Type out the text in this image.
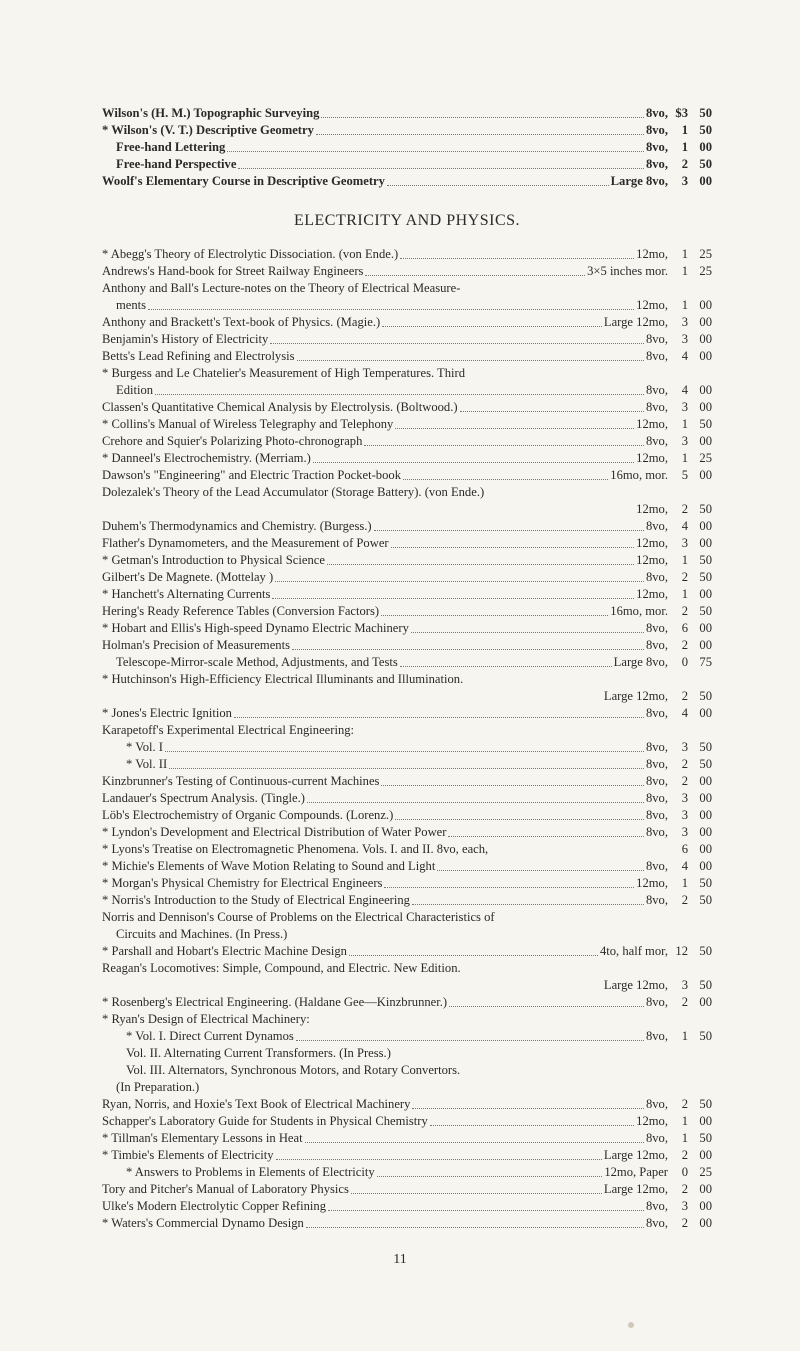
Wilson's (H. M.) Topographic Surveying	8vo, $3 50
* Wilson's (V. T.) Descriptive Geometry	8vo,	1 50
Free-hand Lettering	8vo,	1 00
Free-hand Perspective	8vo,	2 50
Woolf's Elementary Course in Descriptive Geometry	Large 8vo,	3 00
ELECTRICITY AND PHYSICS.
* Abegg's Theory of Electrolytic Dissociation. (von Ende.)	12mo,	1 25
Andrews's Hand-book for Street Railway Engineers	3×5 inches mor.	1 25
Anthony and Ball's Lecture-notes on the Theory of Electrical Measure-
ments	12mo,	1 00
Anthony and Brackett's Text-book of Physics. (Magie.)	Large 12mo,	3 00
Benjamin's History of Electricity	8vo,	3 00
Betts's Lead Refining and Electrolysis	8vo,	4 00
* Burgess and Le Chatelier's Measurement of High Temperatures. Third
Edition	8vo,	4 00
Classen's Quantitative Chemical Analysis by Electrolysis. (Boltwood.)	8vo,	3 00
* Collins's Manual of Wireless Telegraphy and Telephony	12mo,	1 50
Crehore and Squier's Polarizing Photo-chronograph	8vo,	3 00
* Danneel's Electrochemistry. (Merriam.)	12mo,	1 25
Dawson's "Engineering" and Electric Traction Pocket-book	16mo, mor.	5 00
Dolezalek's Theory of the Lead Accumulator (Storage Battery). (von Ende.)
12mo,	2 50
Duhem's Thermodynamics and Chemistry. (Burgess.)	8vo,	4 00
Flather's Dynamometers, and the Measurement of Power	12mo,	3 00
* Getman's Introduction to Physical Science	12mo,	1 50
Gilbert's De Magnete. (Mottelay )	8vo,	2 50
* Hanchett's Alternating Currents	12mo,	1 00
Hering's Ready Reference Tables (Conversion Factors)	16mo, mor.	2 50
* Hobart and Ellis's High-speed Dynamo Electric Machinery	8vo,	6 00
Holman's Precision of Measurements	8vo,	2 00
Telescope-Mirror-scale Method, Adjustments, and Tests	Large 8vo,	0 75
* Hutchinson's High-Efficiency Electrical Illuminants and Illumination.
Large 12mo,	2 50
* Jones's Electric Ignition	8vo,	4 00
Karapetoff's Experimental Electrical Engineering:
* Vol. I	8vo,	3 50
* Vol. II	8vo,	2 50
Kinzbrunner's Testing of Continuous-current Machines	8vo,	2 00
Landauer's Spectrum Analysis. (Tingle.)	8vo,	3 00
Löb's Electrochemistry of Organic Compounds. (Lorenz.)	8vo,	3 00
* Lyndon's Development and Electrical Distribution of Water Power	8vo,	3 00
* Lyons's Treatise on Electromagnetic Phenomena. Vols. I. and II. 8vo, each,	6 00
* Michie's Elements of Wave Motion Relating to Sound and Light	8vo,	4 00
* Morgan's Physical Chemistry for Electrical Engineers	12mo,	1 50
* Norris's Introduction to the Study of Electrical Engineering	8vo,	2 50
Norris and Dennison's Course of Problems on the Electrical Characteristics of
Circuits and Machines. (In Press.)
* Parshall and Hobart's Electric Machine Design	4to, half mor, 12 50
Reagan's Locomotives: Simple, Compound, and Electric. New Edition.
Large 12mo,	3 50
* Rosenberg's Electrical Engineering. (Haldane Gee—Kinzbrunner.)	8vo,	2 00
* Ryan's Design of Electrical Machinery:
* Vol. I. Direct Current Dynamos	8vo,	1 50
Vol. II. Alternating Current Transformers. (In Press.)
Vol. III. Alternators, Synchronous Motors, and Rotary Convertors.
(In Preparation.)
Ryan, Norris, and Hoxie's Text Book of Electrical Machinery	8vo,	2 50
Schapper's Laboratory Guide for Students in Physical Chemistry	12mo,	1 00
* Tillman's Elementary Lessons in Heat	8vo,	1 50
* Timbie's Elements of Electricity	Large 12mo,	2 00
* Answers to Problems in Elements of Electricity	12mo, Paper	0 25
Tory and Pitcher's Manual of Laboratory Physics	Large 12mo,	2 00
Ulke's Modern Electrolytic Copper Refining	8vo,	3 00
* Waters's Commercial Dynamo Design	8vo,	2 00
11
